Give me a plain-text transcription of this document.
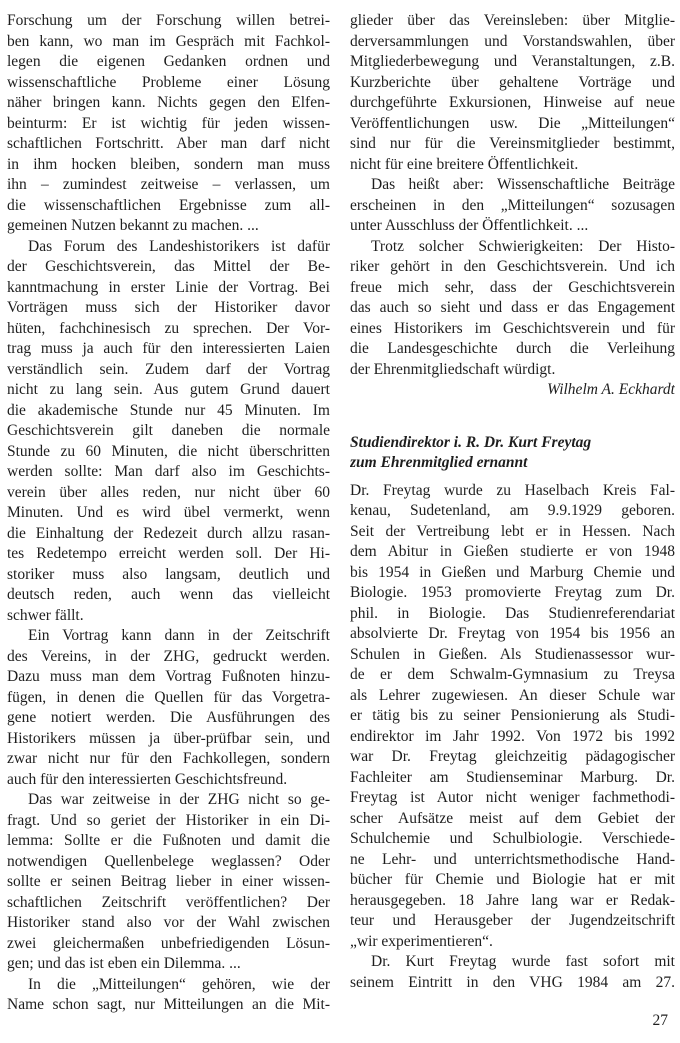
Forschung um der Forschung willen betrei-
ben kann, wo man im Gespräch mit Fachkol-
legen die eigenen Gedanken ordnen und
wissenschaftliche Probleme einer Lösung
näher bringen kann. Nichts gegen den Elfen-
beinturm: Er ist wichtig für jeden wissen-
schaftlichen Fortschritt. Aber man darf nicht
in ihm hocken bleiben, sondern man muss
ihn – zumindest zeitweise – verlassen, um
die wissenschaftlichen Ergebnisse zum all-
gemeinen Nutzen bekannt zu machen. ...
Das Forum des Landeshistorikers ist dafür
der Geschichtsverein, das Mittel der Be-
kanntmachung in erster Linie der Vortrag. Bei
Vorträgen muss sich der Historiker davor
hüten, fachchinesisch zu sprechen. Der Vor-
trag muss ja auch für den interessierten Laien
verständlich sein. Zudem darf der Vortrag
nicht zu lang sein. Aus gutem Grund dauert
die akademische Stunde nur 45 Minuten. Im
Geschichtsverein gilt daneben die normale
Stunde zu 60 Minuten, die nicht überschritten
werden sollte: Man darf also im Geschichts-
verein über alles reden, nur nicht über 60
Minuten. Und es wird übel vermerkt, wenn
die Einhaltung der Redezeit durch allzu rasan-
tes Redetempo erreicht werden soll. Der Hi-
storiker muss also langsam, deutlich und
deutsch reden, auch wenn das vielleicht
schwer fällt.
Ein Vortrag kann dann in der Zeitschrift
des Vereins, in der ZHG, gedruckt werden.
Dazu muss man dem Vortrag Fußnoten hinzu-
fügen, in denen die Quellen für das Vorgetra-
gene notiert werden. Die Ausführungen des
Historikers müssen ja über-prüfbar sein, und
zwar nicht nur für den Fachkollegen, sondern
auch für den interessierten Geschichtsfreund.
Das war zeitweise in der ZHG nicht so ge-
fragt. Und so geriet der Historiker in ein Di-
lemma: Sollte er die Fußnoten und damit die
notwendigen Quellenbelege weglassen? Oder
sollte er seinen Beitrag lieber in einer wissen-
schaftlichen Zeitschrift veröffentlichen? Der
Historiker stand also vor der Wahl zwischen
zwei gleichermaßen unbefriedigenden Lösun-
gen; und das ist eben ein Dilemma. ...
In die „Mitteilungen“ gehören, wie der
Name schon sagt, nur Mitteilungen an die Mit-
glieder über das Vereinsleben: über Mitglie-
derversammlungen und Vorstandswahlen, über
Mitgliederbewegung und Veranstaltungen, z.B.
Kurzberichte über gehaltene Vorträge und
durchgeführte Exkursionen, Hinweise auf neue
Veröffentlichungen usw. Die „Mitteilungen“
sind nur für die Vereinsmitglieder bestimmt,
nicht für eine breitere Öffentlichkeit.
Das heißt aber: Wissenschaftliche Beiträge
erscheinen in den „Mitteilungen“ sozusagen
unter Ausschluss der Öffentlichkeit. ...
Trotz solcher Schwierigkeiten: Der Histo-
riker gehört in den Geschichtsverein. Und ich
freue mich sehr, dass der Geschichtsverein
das auch so sieht und dass er das Engagement
eines Historikers im Geschichtsverein und für
die Landesgeschichte durch die Verleihung
der Ehrenmitgliedschaft würdigt.
Wilhelm A. Eckhardt
Studiendirektor i. R. Dr. Kurt Freytag
zum Ehrenmitglied ernannt
Dr. Freytag wurde zu Haselbach Kreis Fal-
kenau, Sudetenland, am 9.9.1929 geboren.
Seit der Vertreibung lebt er in Hessen. Nach
dem Abitur in Gießen studierte er von 1948
bis 1954 in Gießen und Marburg Chemie und
Biologie. 1953 promovierte Freytag zum Dr.
phil. in Biologie. Das Studienreferendariat
absolvierte Dr. Freytag von 1954 bis 1956 an
Schulen in Gießen. Als Studienassessor wur-
de er dem Schwalm-Gymnasium zu Treysa
als Lehrer zugewiesen. An dieser Schule war
er tätig bis zu seiner Pensionierung als Studi-
endirektor im Jahr 1992. Von 1972 bis 1992
war Dr. Freytag gleichzeitig pädagogischer
Fachleiter am Studienseminar Marburg. Dr.
Freytag ist Autor nicht weniger fachmethodi-
scher Aufsätze meist auf dem Gebiet der
Schulchemie und Schulbiologie. Verschiede-
ne Lehr- und unterrichtsmethodische Hand-
bücher für Chemie und Biologie hat er mit
herausgegeben. 18 Jahre lang war er Redak-
teur und Herausgeber der Jugendzeitschrift
„wir experimentieren“.
Dr. Kurt Freytag wurde fast sofort mit
seinem Eintritt in den VHG 1984 am 27.
27
